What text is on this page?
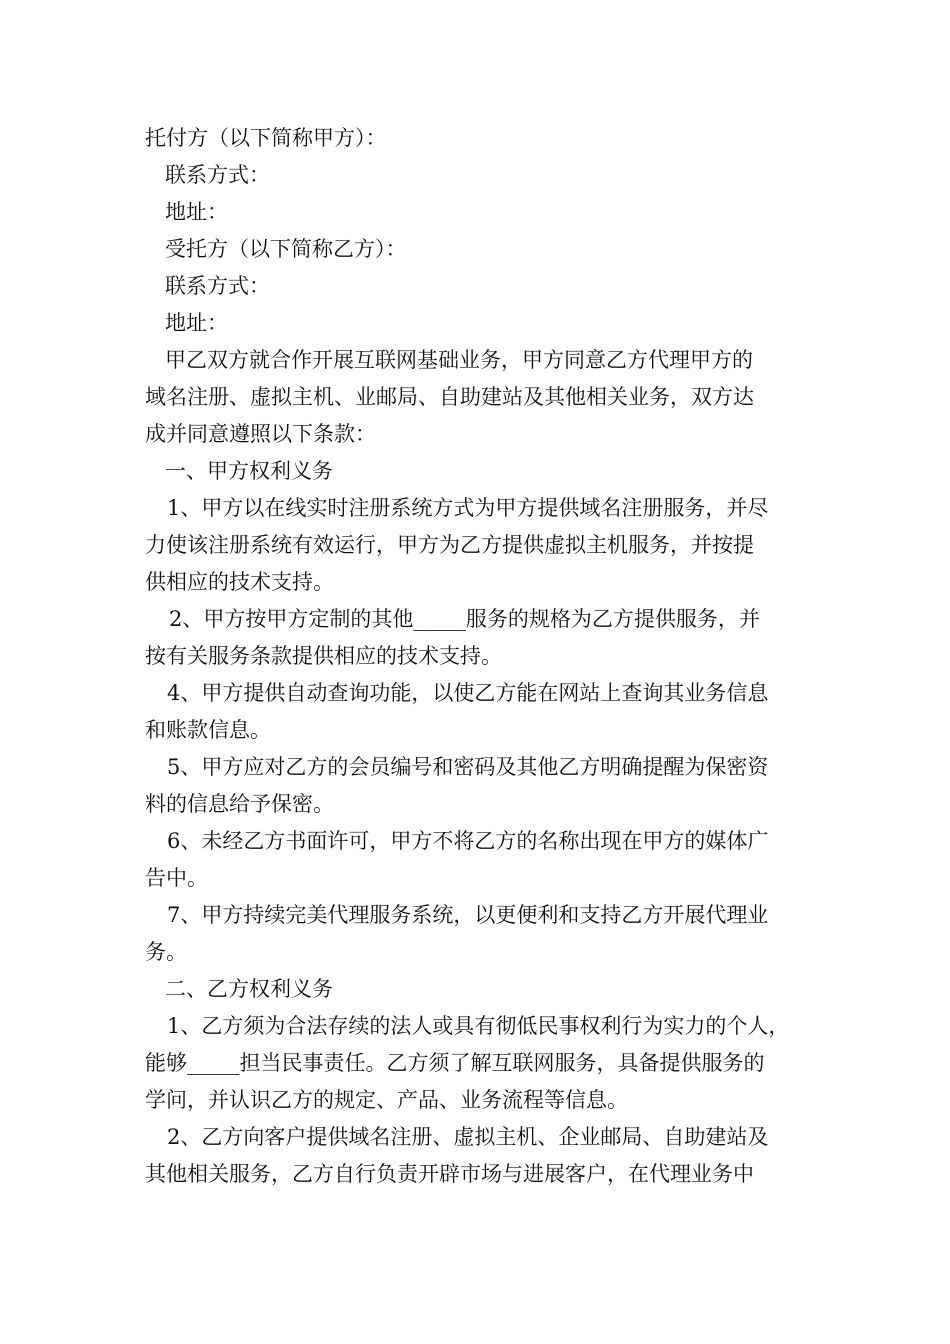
托付方（以下简称甲方）：
联系方式：
地址：
受托方（以下简称乙方）：
联系方式：
地址：
甲乙双方就合作开展互联网基础业务，甲方同意乙方代理甲方的
域名注册、虚拟主机、业邮局、自助建站及其他相关业务，双方达
成并同意遵照以下条款：
一、甲方权利义务
1、甲方以在线实时注册系统方式为甲方提供域名注册服务，并尽
力使该注册系统有效运行，甲方为乙方提供虚拟主机服务，并按提
供相应的技术支持。
2、甲方按甲方定制的其他_____服务的规格为乙方提供服务，并
按有关服务条款提供相应的技术支持。
4、甲方提供自动查询功能，以使乙方能在网站上查询其业务信息
和账款信息。
5、甲方应对乙方的会员编号和密码及其他乙方明确提醒为保密资
料的信息给予保密。
6、未经乙方书面许可，甲方不将乙方的名称出现在甲方的媒体广
告中。
7、甲方持续完美代理服务系统，以更便利和支持乙方开展代理业
务。
二、乙方权利义务
1、乙方须为合法存续的法人或具有彻低民事权利行为实力的个人，
能够_____担当民事责任。乙方须了解互联网服务，具备提供服务的
学问，并认识乙方的规定、产品、业务流程等信息。
2、乙方向客户提供域名注册、虚拟主机、企业邮局、自助建站及
其他相关服务，乙方自行负责开辟市场与进展客户，在代理业务中
